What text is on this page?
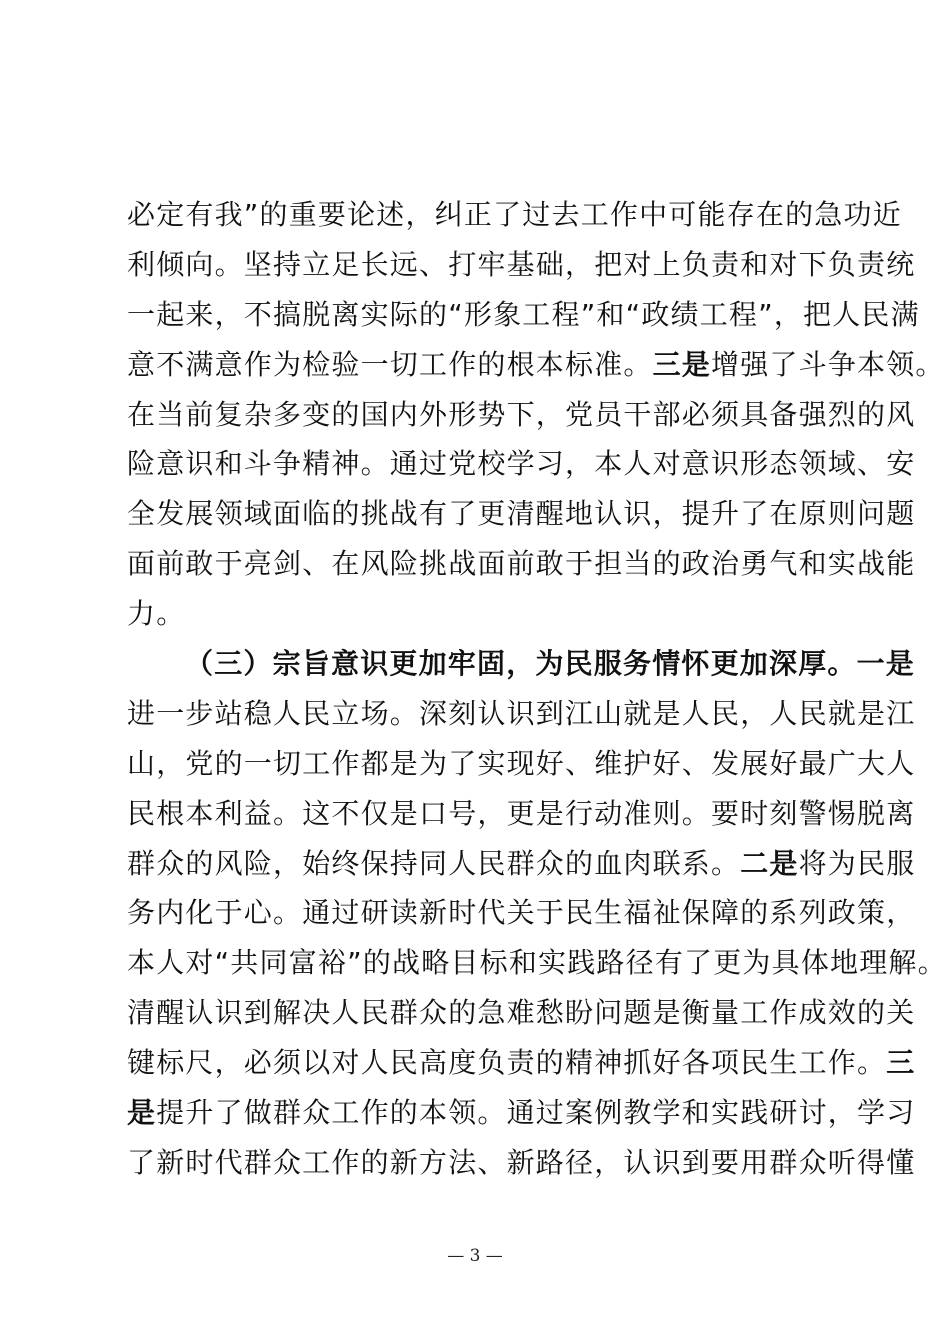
必定有我”的重要论述，纠正了过去工作中可能存在的急功近
利倾向。坚持立足长远、打牢基础，把对上负责和对下负责统
一起来，不搞脱离实际的“形象工程”和“政绩工程”，把人民满
意不满意作为检验一切工作的根本标准。三是增强了斗争本领。
在当前复杂多变的国内外形势下，党员干部必须具备强烈的风
险意识和斗争精神。通过党校学习，本人对意识形态领域、安
全发展领域面临的挑战有了更清醒地认识，提升了在原则问题
面前敢于亮剑、在风险挑战面前敢于担当的政治勇气和实战能
力。
（三）宗旨意识更加牢固，为民服务情怀更加深厚。一是
进一步站稳人民立场。深刻认识到江山就是人民，人民就是江
山，党的一切工作都是为了实现好、维护好、发展好最广大人
民根本利益。这不仅是口号，更是行动准则。要时刻警惕脱离
群众的风险，始终保持同人民群众的血肉联系。二是将为民服
务内化于心。通过研读新时代关于民生福祉保障的系列政策，
本人对“共同富裕”的战略目标和实践路径有了更为具体地理解。
清醒认识到解决人民群众的急难愁盼问题是衡量工作成效的关
键标尺，必须以对人民高度负责的精神抓好各项民生工作。三
是提升了做群众工作的本领。通过案例教学和实践研讨，学习
了新时代群众工作的新方法、新路径，认识到要用群众听得懂
— 3 —
